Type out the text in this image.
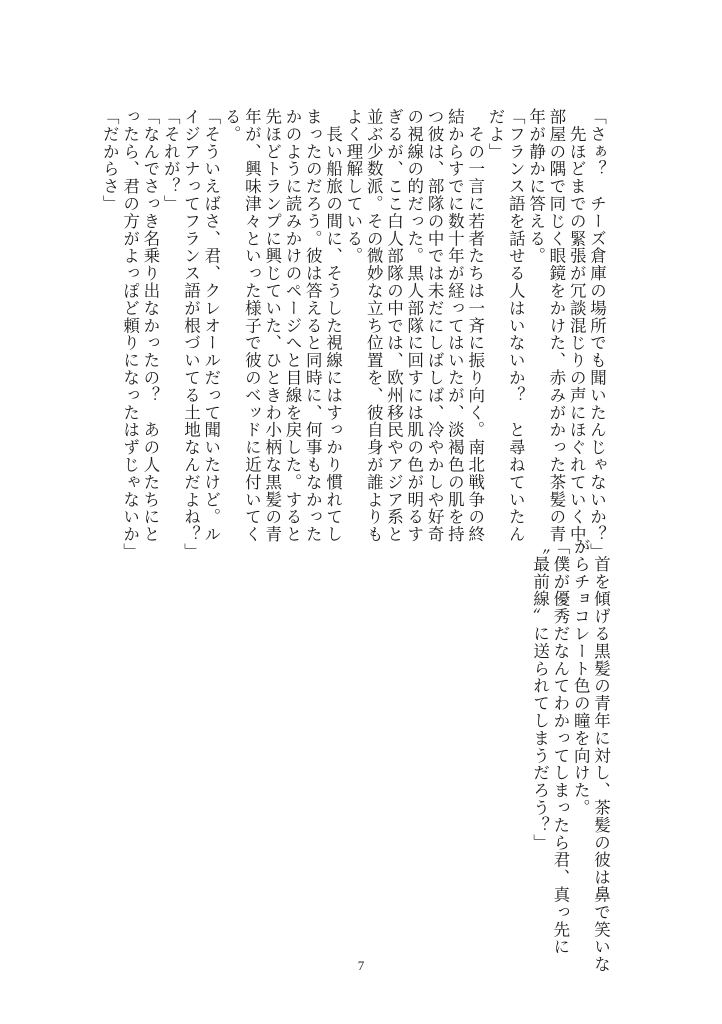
「さぁ？　チーズ倉庫の場所でも聞いたんじゃないか？」
　先ほどまでの緊張が冗談混じりの声にほぐれていく中、
部屋の隅で同じく眼鏡をかけた、赤みがかった茶髪の青
年が静かに答える。
「フランス語を話せる人はいないか？　と尋ねていたん
だよ」
　その一言に若者たちは一斉に振り向く。南北戦争の終
結からすでに数十年が経ってはいたが、淡褐色の肌を持
つ彼は、部隊の中では未だにしばしば、冷やかしや好奇
の視線の的だった。黒人部隊に回すには肌の色が明るす
ぎるが、ここ白人部隊の中では、欧州移民やアジア系と
並ぶ少数派。その微妙な立ち位置を、彼自身が誰よりも
よく理解している。
　長い船旅の間に、そうした視線にはすっかり慣れてし
まったのだろう。彼は答えると同時に、何事もなかった
かのように読みかけのページへと目線を戻した。すると
先ほどトランプに興じていた、ひときわ小柄な黒髪の青
年が、興味津々といった様子で彼のベッドに近付いてく
る。
「そういえばさ、君、クレオールだって聞いたけど。ル
イジアナってフランス語が根づいてる土地なんだよね？」
「それが？」
「なんでさっき名乗り出なかったの？　あの人たちにと
ったら、君の方がよっぽど頼りになったはずじゃないか」
「だからさ」
　首を傾げる黒髪の青年に対し、茶髪の彼は鼻で笑いな
がらチョコレート色の瞳を向けた。
「僕が優秀だなんてわかってしまったら君、真っ先に
〝最前線〟に送られてしまうだろう？」
7
